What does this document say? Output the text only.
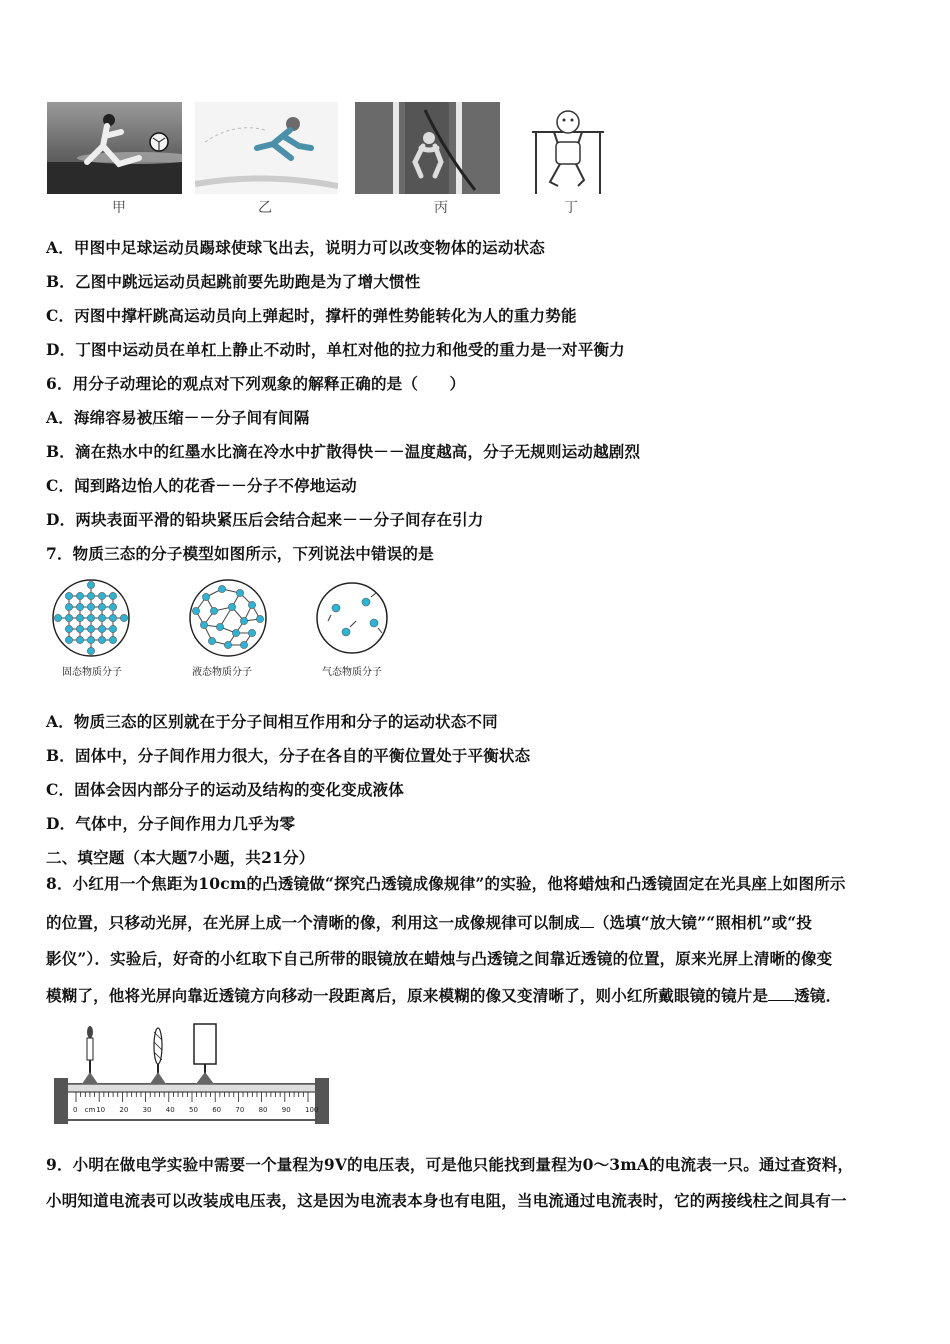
甲	乙	丙	丁
A．甲图中足球运动员踢球使球飞出去，说明力可以改变物体的运动状态
B．乙图中跳远运动员起跳前要先助跑是为了增大惯性
C．丙图中撑杆跳高运动员向上弹起时，撑杆的弹性势能转化为人的重力势能
D．丁图中运动员在单杠上静止不动时，单杠对他的拉力和他受的重力是一对平衡力
6．用分子动理论的观点对下列观象的解释正确的是（　　）
A．海绵容易被压缩－－分子间有间隔
B．滴在热水中的红墨水比滴在冷水中扩散得快－－温度越高，分子无规则运动越剧烈
C．闻到路边怡人的花香－－分子不停地运动
D．两块表面平滑的铅块紧压后会结合起来－－分子间存在引力
7．物质三态的分子模型如图所示，下列说法中错误的是
固态物质分子	液态物质分子	气态物质分子
A．物质三态的区别就在于分子间相互作用和分子的运动状态不同
B．固体中，分子间作用力很大，分子在各自的平衡位置处于平衡状态
C．固体会因内部分子的运动及结构的变化变成液体
D．气体中，分子间作用力几乎为零
二、填空题（本大题7小题，共21分）
8．小红用一个焦距为10cm的凸透镜做“探究凸透镜成像规律”的实验，他将蜡烛和凸透镜固定在光具座上如图所示
的位置，只移动光屏，在光屏上成一个清晰的像，利用这一成像规律可以制成 （选填“放大镜”“照相机”或“投
影仪”）．实验后，好奇的小红取下自己所带的眼镜放在蜡烛与凸透镜之间靠近透镜的位置，原来光屏上清晰的像变
模糊了，他将光屏向靠近透镜方向移动一段距离后，原来模糊的像又变清晰了，则小红所戴眼镜的镜片是 透镜．
0 cm 10 20 30 40 50 60 70 80 90 100
9．小明在做电学实验中需要一个量程为9V的电压表，可是他只能找到量程为0～3mA的电流表一只。通过查资料，
小明知道电流表可以改装成电压表，这是因为电流表本身也有电阻，当电流通过电流表时，它的两接线柱之间具有一
